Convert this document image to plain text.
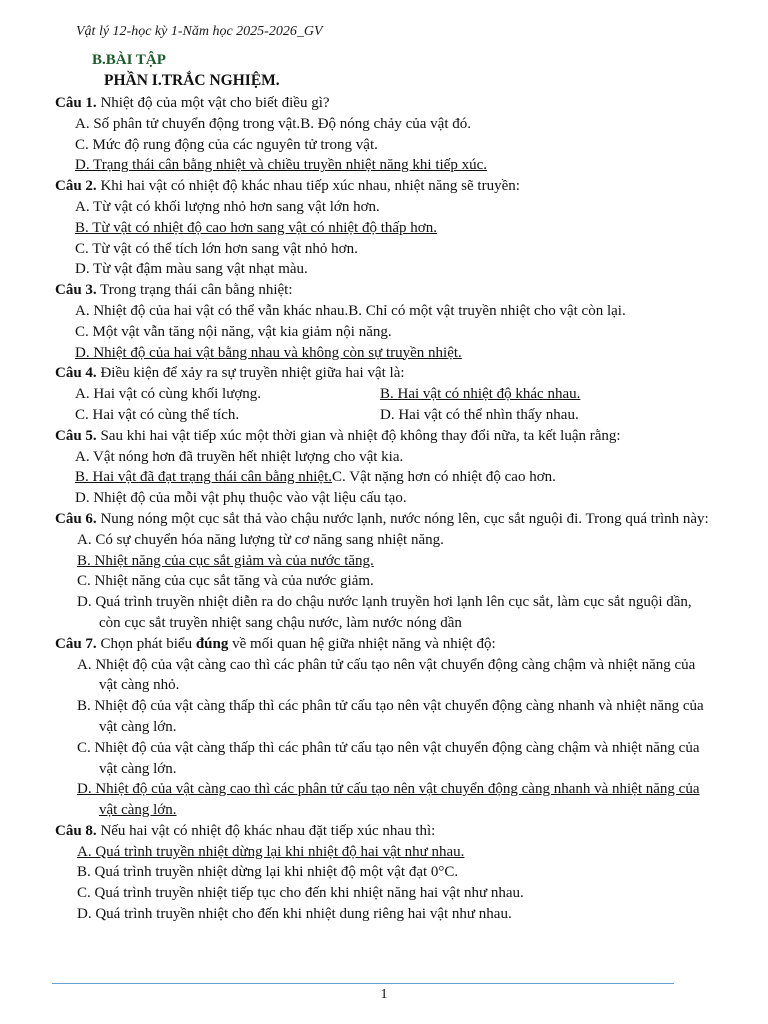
Vật lý 12-học kỳ 1-Năm học 2025-2026_GV
B.BÀI TẬP
PHẦN I.TRẮC NGHIỆM.
Câu 1. Nhiệt độ của một vật cho biết điều gì?
A. Số phân tử chuyển động trong vật.B. Độ nóng chảy của vật đó.
C. Mức độ rung động của các nguyên tử trong vật.
D. Trạng thái cân bằng nhiệt và chiều truyền nhiệt năng khi tiếp xúc.
Câu 2. Khi hai vật có nhiệt độ khác nhau tiếp xúc nhau, nhiệt năng sẽ truyền:
A. Từ vật có khối lượng nhỏ hơn sang vật lớn hơn.
B. Từ vật có nhiệt độ cao hơn sang vật có nhiệt độ thấp hơn.
C. Từ vật có thể tích lớn hơn sang vật nhỏ hơn.
D. Từ vật đậm màu sang vật nhạt màu.
Câu 3. Trong trạng thái cân bằng nhiệt:
A. Nhiệt độ của hai vật có thể vẫn khác nhau.B. Chỉ có một vật truyền nhiệt cho vật còn lại.
C. Một vật vẫn tăng nội năng, vật kia giảm nội năng.
D. Nhiệt độ của hai vật bằng nhau và không còn sự truyền nhiệt.
Câu 4. Điều kiện để xảy ra sự truyền nhiệt giữa hai vật là:
A. Hai vật có cùng khối lượng.	B. Hai vật có nhiệt độ khác nhau.
C. Hai vật có cùng thể tích.	D. Hai vật có thể nhìn thấy nhau.
Câu 5. Sau khi hai vật tiếp xúc một thời gian và nhiệt độ không thay đổi nữa, ta kết luận rằng:
A. Vật nóng hơn đã truyền hết nhiệt lượng cho vật kia.
B. Hai vật đã đạt trạng thái cân bằng nhiệt.C. Vật nặng hơn có nhiệt độ cao hơn.
D. Nhiệt độ của mỗi vật phụ thuộc vào vật liệu cấu tạo.
Câu 6. Nung nóng một cục sắt thả vào chậu nước lạnh, nước nóng lên, cục sắt nguội đi. Trong quá trình này:
A. Có sự chuyển hóa năng lượng từ cơ năng sang nhiệt năng.
B. Nhiệt năng của cục sắt giảm và của nước tăng.
C. Nhiệt năng của cục sắt tăng và của nước giảm.
D. Quá trình truyền nhiệt diễn ra do chậu nước lạnh truyền hơi lạnh lên cục sắt, làm cục sắt nguội dần, còn cục sắt truyền nhiệt sang chậu nước, làm nước nóng dần
Câu 7. Chọn phát biểu đúng về mối quan hệ giữa nhiệt năng và nhiệt độ:
A. Nhiệt độ của vật càng cao thì các phân tử cấu tạo nên vật chuyển động càng chậm và nhiệt năng của vật càng nhỏ.
B. Nhiệt độ của vật càng thấp thì các phân tử cấu tạo nên vật chuyển động càng nhanh và nhiệt năng của vật càng lớn.
C. Nhiệt độ của vật càng thấp thì các phân tử cấu tạo nên vật chuyển động càng chậm và nhiệt năng của vật càng lớn.
D. Nhiệt độ của vật càng cao thì các phân tử cấu tạo nên vật chuyển động càng nhanh và nhiệt năng của vật càng lớn.
Câu 8. Nếu hai vật có nhiệt độ khác nhau đặt tiếp xúc nhau thì:
A. Quá trình truyền nhiệt dừng lại khi nhiệt độ hai vật như nhau.
B. Quá trình truyền nhiệt dừng lại khi nhiệt độ một vật đạt 0°C.
C. Quá trình truyền nhiệt tiếp tục cho đến khi nhiệt năng hai vật như nhau.
D. Quá trình truyền nhiệt cho đến khi nhiệt dung riêng hai vật như nhau.
1
